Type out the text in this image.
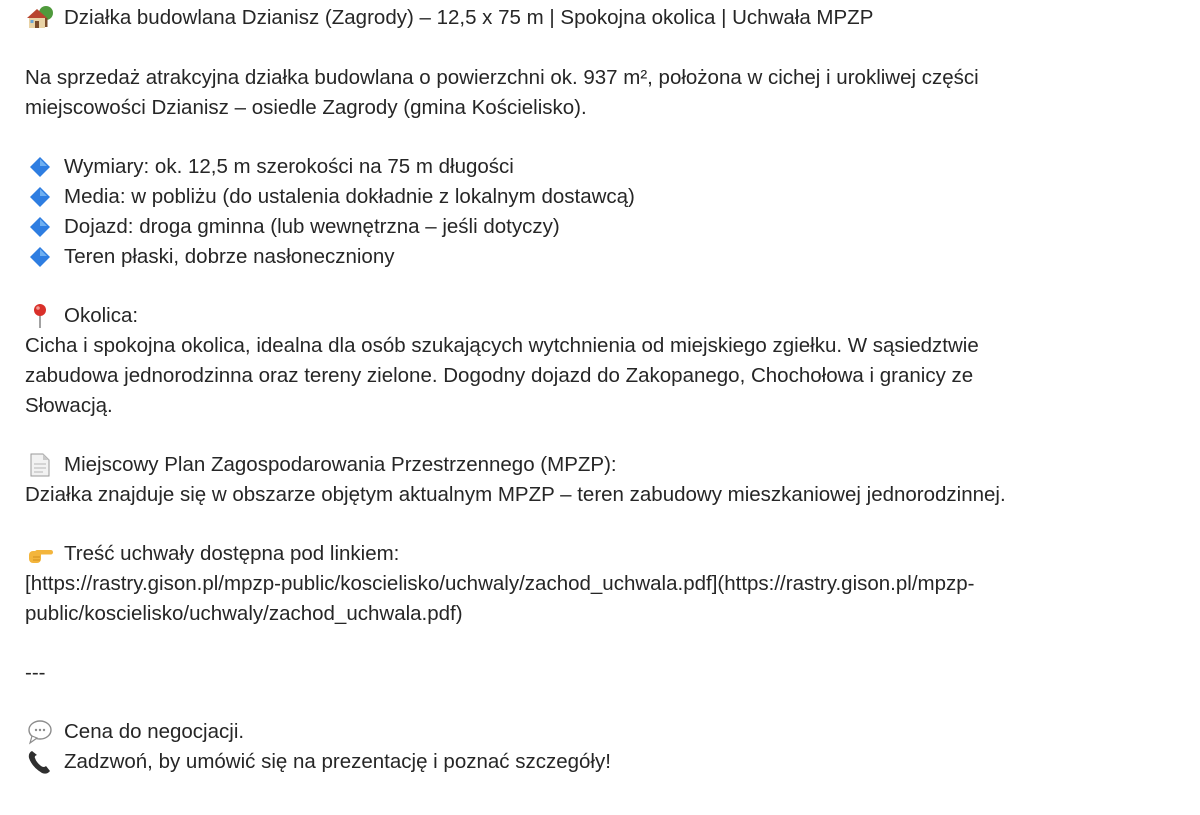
Działka budowlana Dzianisz (Zagrody) – 12,5 x 75 m | Spokojna okolica | Uchwała MPZP
Na sprzedaż atrakcyjna działka budowlana o powierzchni ok. 937 m², położona w cichej i urokliwej części
miejscowości Dzianisz – osiedle Zagrody (gmina Kościelisko).
Wymiary: ok. 12,5 m szerokości na 75 m długości
Media: w pobliżu (do ustalenia dokładnie z lokalnym dostawcą)
Dojazd: droga gminna (lub wewnętrzna – jeśli dotyczy)
Teren płaski, dobrze nasłoneczniony
Okolica:
Cicha i spokojna okolica, idealna dla osób szukających wytchnienia od miejskiego zgiełku. W sąsiedztwie
zabudowa jednorodzinna oraz tereny zielone. Dogodny dojazd do Zakopanego, Chochołowa i granicy ze
Słowacją.
Miejscowy Plan Zagospodarowania Przestrzennego (MPZP):
Działka znajduje się w obszarze objętym aktualnym MPZP – teren zabudowy mieszkaniowej jednorodzinnej.
Treść uchwały dostępna pod linkiem:
[https://rastry.gison.pl/mpzp-public/koscielisko/uchwaly/zachod_uchwala.pdf](https://rastry.gison.pl/mpzp-
public/koscielisko/uchwaly/zachod_uchwala.pdf)
---
Cena do negocjacji.
Zadzwoń, by umówić się na prezentację i poznać szczegóły!
